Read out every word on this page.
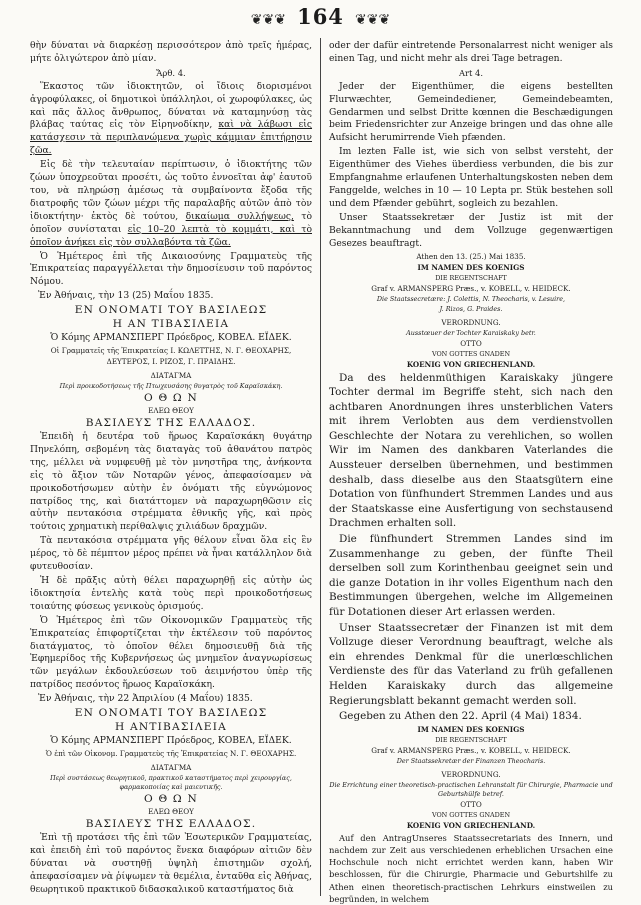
❦❦❦ 164 ❦❦❦

θὴν δύναται νὰ διαρκέσῃ περισσότερον ἀπὸ τρεῖς ἡμέρας, μήτε ὀλιγώτερον ἀπὸ μίαν.

Ἄρθ. 4.

Ἕκαστος τῶν ἰδιοκτητῶν, οἱ ἴδιοις διορισμένοι ἀγροφύλακες, οἱ δημοτικοὶ ὑπάλληλοι, οἱ χωροφύλακες, ὡς καὶ πᾶς ἄλλος ἄνθρωπος, δύναται νὰ καταμηνύσῃ τὰς βλάβας ταύτας εἰς τὸν Εἰρηνοδίκην, καὶ νὰ λάβωσι εἰς κατάσχεσιν τὰ περιπλανώμενα χωρὶς κάμμιαν ἐπιτήρησιν ζῶα.

Εἰς δὲ τὴν τελευταίαν περίπτωσιν, ὁ ἰδιοκτήτης τῶν ζώων ὑποχρεοῦται προσέτι, ὡς τοῦτο ἐννοεῖται ἀφ' ἑαυτοῦ του, νὰ πληρώσῃ ἀμέσως τὰ συμβαίνοντα ἔξοδα τῆς διατροφῆς τῶν ζώων μέχρι τῆς παραλαβῆς αὐτῶν ἀπὸ τὸν ἰδιοκτήτην· ἐκτὸς δὲ τούτου, δικαίωμα συλλήψεως, τὸ ὁποῖον συνίσταται εἰς 10–20 λεπτὰ τὸ κομμάτι, καὶ τὸ ὁποῖον ἀνήκει εἰς τὸν συλλαβόντα τὰ ζῶα.

Ὁ Ἡμέτερος ἐπὶ τῆς Δικαιοσύνης Γραμματεὺς τῆς Ἐπικρατείας παραγγέλλεται τὴν δημοσίευσιν τοῦ παρόντος Νόμου.

Ἐν Ἀθήναις, τὴν 13 (25) Μαΐου 1835.

ΕΝ ΟΝΟΜΑΤΙ ΤΟΥ ΒΑΣΙΛΕΩΣ

Η ΑΝ ΤΙΒΑΣΙΛΕΙΑ

Ὁ Κόμης ΑΡΜΑΝΣΠΕΡΓ Πρόεδρος, ΚΟΒΕΛ. ΕΪΔΕΚ.

Οἱ Γραμματεῖς τῆς Ἐπικρατείας Ι. ΚΩΛΕΤΤΗΣ, Ν. Γ. ΘΕΟΧΑΡΗΣ,

ΔΕΥΤΕΡΟΣ, Ι. ΡΙΖΟΣ, Γ. ΠΡΑΙΔΗΣ.

ΔΙΑΤΑΓΜΑ

Περὶ προικοδοτήσεως τῆς Πτωχευσάσης θυγατρὸς τοῦ Καραϊσκάκη.

Ο Θ Ω Ν

ΕΛΕΩ ΘΕΟΥ

ΒΑΣΙΛΕΥΣ ΤΗΣ ΕΛΛΑΔΟΣ.

Ἐπειδὴ ἡ δευτέρα τοῦ ἥρωος Καραϊσκάκη θυγάτηρ Πηνελόπη, σεβομένη τὰς διαταγὰς τοῦ ἀθανάτου πατρὸς της, μέλλει νὰ νυμφευθῇ μὲ τὸν μνηστῆρα της, ἀνήκοντα εἰς τὸ ἄξιον τῶν Νοταρῶν γένος, ἀπεφασίσαμεν νὰ προικοδοτήσωμεν αὐτὴν ἐν ὀνόματι τῆς εὐγνώμονος πατρίδος της, καὶ διατάττομεν νὰ παραχωρηθῶσιν εἰς αὐτὴν πεντακόσια στρέμματα ἐθνικῆς γῆς, καὶ πρὸς τούτοις χρηματικὴ περίθαλψις χιλιάδων δραχμῶν.

Τὰ πεντακόσια στρέμματα γῆς θέλουν εἶναι ὅλα εἰς ἓν μέρος, τὸ δὲ πέμπτον μέρος πρέπει νὰ ἦναι κατάλληλον διὰ φυτευθοσίαν.

Ἡ δὲ πρᾶξις αὐτὴ θέλει παραχωρηθῇ εἰς αὐτὴν ὡς ἰδιοκτησία ἐντελὴς κατὰ τοὺς περὶ προικοδοτήσεως τοιαύτης φύσεως γενικοὺς ὁρισμούς.

Ὁ Ἡμέτερος ἐπὶ τῶν Οἰκονομικῶν Γραμματεὺς τῆς Ἐπικρατείας ἐπιφορτίζεται τὴν ἐκτέλεσιν τοῦ παρόντος διατάγματος, τὸ ὁποῖον θέλει δημοσιευθῇ διὰ τῆς Ἐφημερίδος τῆς Κυβερνήσεως ὡς μνημεῖον ἀναγνωρίσεως τῶν μεγάλων ἐκδουλεύσεων τοῦ ἀειμνήστου ὑπὲρ τῆς πατρίδος πεσόντος ἥρωος Καραϊσκάκη.

Ἐν Ἀθήναις, τὴν 22 Ἀπριλίου (4 Μαΐου) 1835.

ΕΝ ΟΝΟΜΑΤΙ ΤΟΥ ΒΑΣΙΛΕΩΣ

Η ΑΝΤΙΒΑΣΙΛΕΙΑ

Ὁ Κόμης ΑΡΜΑΝΣΠΕΡΓ Πρόεδρος, ΚΟΒΕΛ, ΕΪΔΕΚ.

Ὁ ἐπὶ τῶν Οἰκονομ. Γραμματεὺς τῆς Ἐπικρατείας Ν. Γ. ΘΕΟΧΑΡΗΣ.

ΔΙΑΤΑΓΜΑ

Περὶ συστάσεως θεωρητικοῦ, πρακτικοῦ καταστήματος περὶ χειρουργίας, φαρμακοποιίας καὶ μαιευτικῆς.

Ο Θ Ω Ν

ΕΛΕΩ ΘΕΟΥ

ΒΑΣΙΛΕΥΣ ΤΗΣ ΕΛΛΑΔΟΣ.

Ἐπὶ τῇ προτάσει τῆς ἐπὶ τῶν Ἐσωτερικῶν Γραμματείας, καὶ ἐπειδὴ ἐπὶ τοῦ παρόντος ἕνεκα διαφόρων αἰτιῶν δὲν δύναται νὰ συστηθῇ ὑψηλὴ ἐπιστημῶν σχολή, ἀπεφασίσαμεν νὰ ῥίψωμεν τὰ θεμέλια, ἐνταῦθα εἰς Ἀθήνας, θεωρητικοῦ πρακτικοῦ διδασκαλικοῦ καταστήματος διὰ

oder der dafür eintretende Personalarrest nicht weniger als einen Tag, und nicht mehr als drei Tage betragen.

Art 4.

Jeder der Eigenthümer, die eigens bestellten Flurwæchter, Gemeindediener, Gemeindebeamten, Gendarmen und selbst Dritte kœnnen die Beschædigungen beim Friedensrichter zur Anzeige bringen und das ohne alle Aufsicht herumirrende Vieh pfænden.

Im lezten Falle ist, wie sich von selbst versteht, der Eigenthümer des Viehes überdiess verbunden, die bis zur Empfangnahme erlaufenen Unterhaltungskosten neben dem Fanggelde, welches in 10 — 10 Lepta pr. Stük bestehen soll und dem Pfænder gebührt, sogleich zu bezahlen.

Unser Staatssekretær der Justiz ist mit der Bekanntmachung und dem Vollzuge gegenwærtigen Gesezes beauftragt.

Athen den 13. (25.) Mai 1835.

IM NAMEN DES KOENIGS

DIE REGENTSCHAFT

Graf v. ARMANSPERG Præs., v. KOBELL, v. HEIDECK.

Die Staatssecretære: J. Colettis, N. Theocharis, v. Lesuire,

J. Rizos, G. Praides.

VERORDNUNG.

Ausstœuer der Tochter Karaiskaky betr.

OTTO

VON GOTTES GNADEN

KOENIG VON GRIECHENLAND.

Da des heldenmüthigen Karaiskaky jüngere Tochter dermal im Begriffe steht, sich nach den achtbaren Anordnungen ihres unsterblichen Vaters mit ihrem Verlobten aus dem verdienstvollen Geschlechte der Notara zu verehlichen, so wollen Wir im Namen des dankbaren Vaterlandes die Aussteuer derselben übernehmen, und bestimmen deshalb, dass dieselbe aus den Staatsgütern eine Dotation von fünfhundert Stremmen Landes und aus der Staatskasse eine Ausfertigung von sechstausend Drachmen erhalten soll.

Die fünfhundert Stremmen Landes sind im Zusammenhange zu geben, der fünfte Theil derselben soll zum Korinthenbau geeignet sein und die ganze Dotation in ihr volles Eigenthum nach den Bestimmungen übergehen, welche im Allgemeinen für Dotationen dieser Art erlassen werden.

Unser Staatssecretær der Finanzen ist mit dem Vollzuge dieser Verordnung beauftragt, welche als ein ehrendes Denkmal für die unerlœschlichen Verdienste des für das Vaterland zu früh gefallenen Helden Karaiskaky durch das allgemeine Regierungsblatt bekannt gemacht werden soll.

Gegeben zu Athen den 22. April (4 Mai) 1834.

IM NAMEN DES KOENIGS

DIE REGENTSCHAFT

Graf v. ARMANSPERG Præs., v. KOBELL, v. HEIDECK.

Der Staatssekretær der Finanzen Theocharis.

VERORDNUNG.

Die Errichtung einer theoretisch-practischen Lehranstalt für Chirurgie, Pharmacie und Geburtshülfe betref.

OTTO

VON GOTTES GNADEN

KOENIG VON GRIECHENLAND.

Auf den AntragUnseres Staatssecretariats des Innern, und nachdem zur Zeit aus verschiedenen erheblichen Ursachen eine Hochschule noch nicht errichtet werden kann, haben Wir beschlossen, für die Chirurgie, Pharmacie und Geburtshilfe zu Athen einen theoretisch-practischen Lehrkurs einstweilen zu begründen, in welchem
